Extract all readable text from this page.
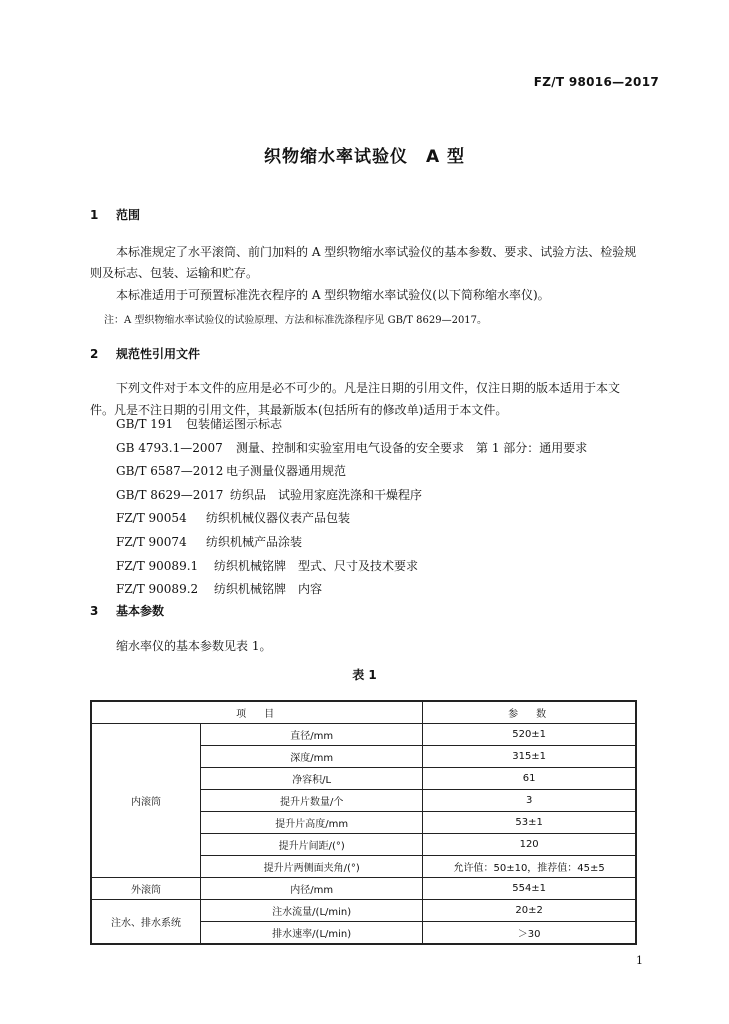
FZ/T 98016—2017
织物缩水率试验仪 A 型
1 范围
本标准规定了水平滚筒、前门加料的 A 型织物缩水率试验仪的基本参数、要求、试验方法、检验规
则及标志、包装、运输和贮存。
本标准适用于可预置标准洗衣程序的 A 型织物缩水率试验仪(以下简称缩水率仪)。
注：A 型织物缩水率试验仪的试验原理、方法和标准洗涤程序见 GB/T 8629—2017。
2 规范性引用文件
下列文件对于本文件的应用是必不可少的。凡是注日期的引用文件，仅注日期的版本适用于本文
件。凡是不注日期的引用文件，其最新版本(包括所有的修改单)适用于本文件。
GB/T 191 包装储运图示标志
GB 4793.1—2007 测量、控制和实验室用电气设备的安全要求　第 1 部分：通用要求
GB/T 6587—2012 电子测量仪器通用规范
GB/T 8629—2017 纺织品　试验用家庭洗涤和干燥程序
FZ/T 90054 纺织机械仪器仪表产品包装
FZ/T 90074 纺织机械产品涂装
FZ/T 90089.1 纺织机械铭牌　型式、尺寸及技术要求
FZ/T 90089.2 纺织机械铭牌　内容
3 基本参数
缩水率仪的基本参数见表 1。
表 1
项　目		参　数
内滚筒	直径/mm	520±1
	深度/mm	315±1
	净容积/L	61
	提升片数量/个	3
	提升片高度/mm	53±1
	提升片间距/(°)	120
	提升片两侧面夹角/(°)	允许值：50±10，推荐值：45±5
外滚筒	内径/mm	554±1
注水、排水系统	注水流量/(L/min)	20±2
	排水速率/(L/min)	＞30
1
